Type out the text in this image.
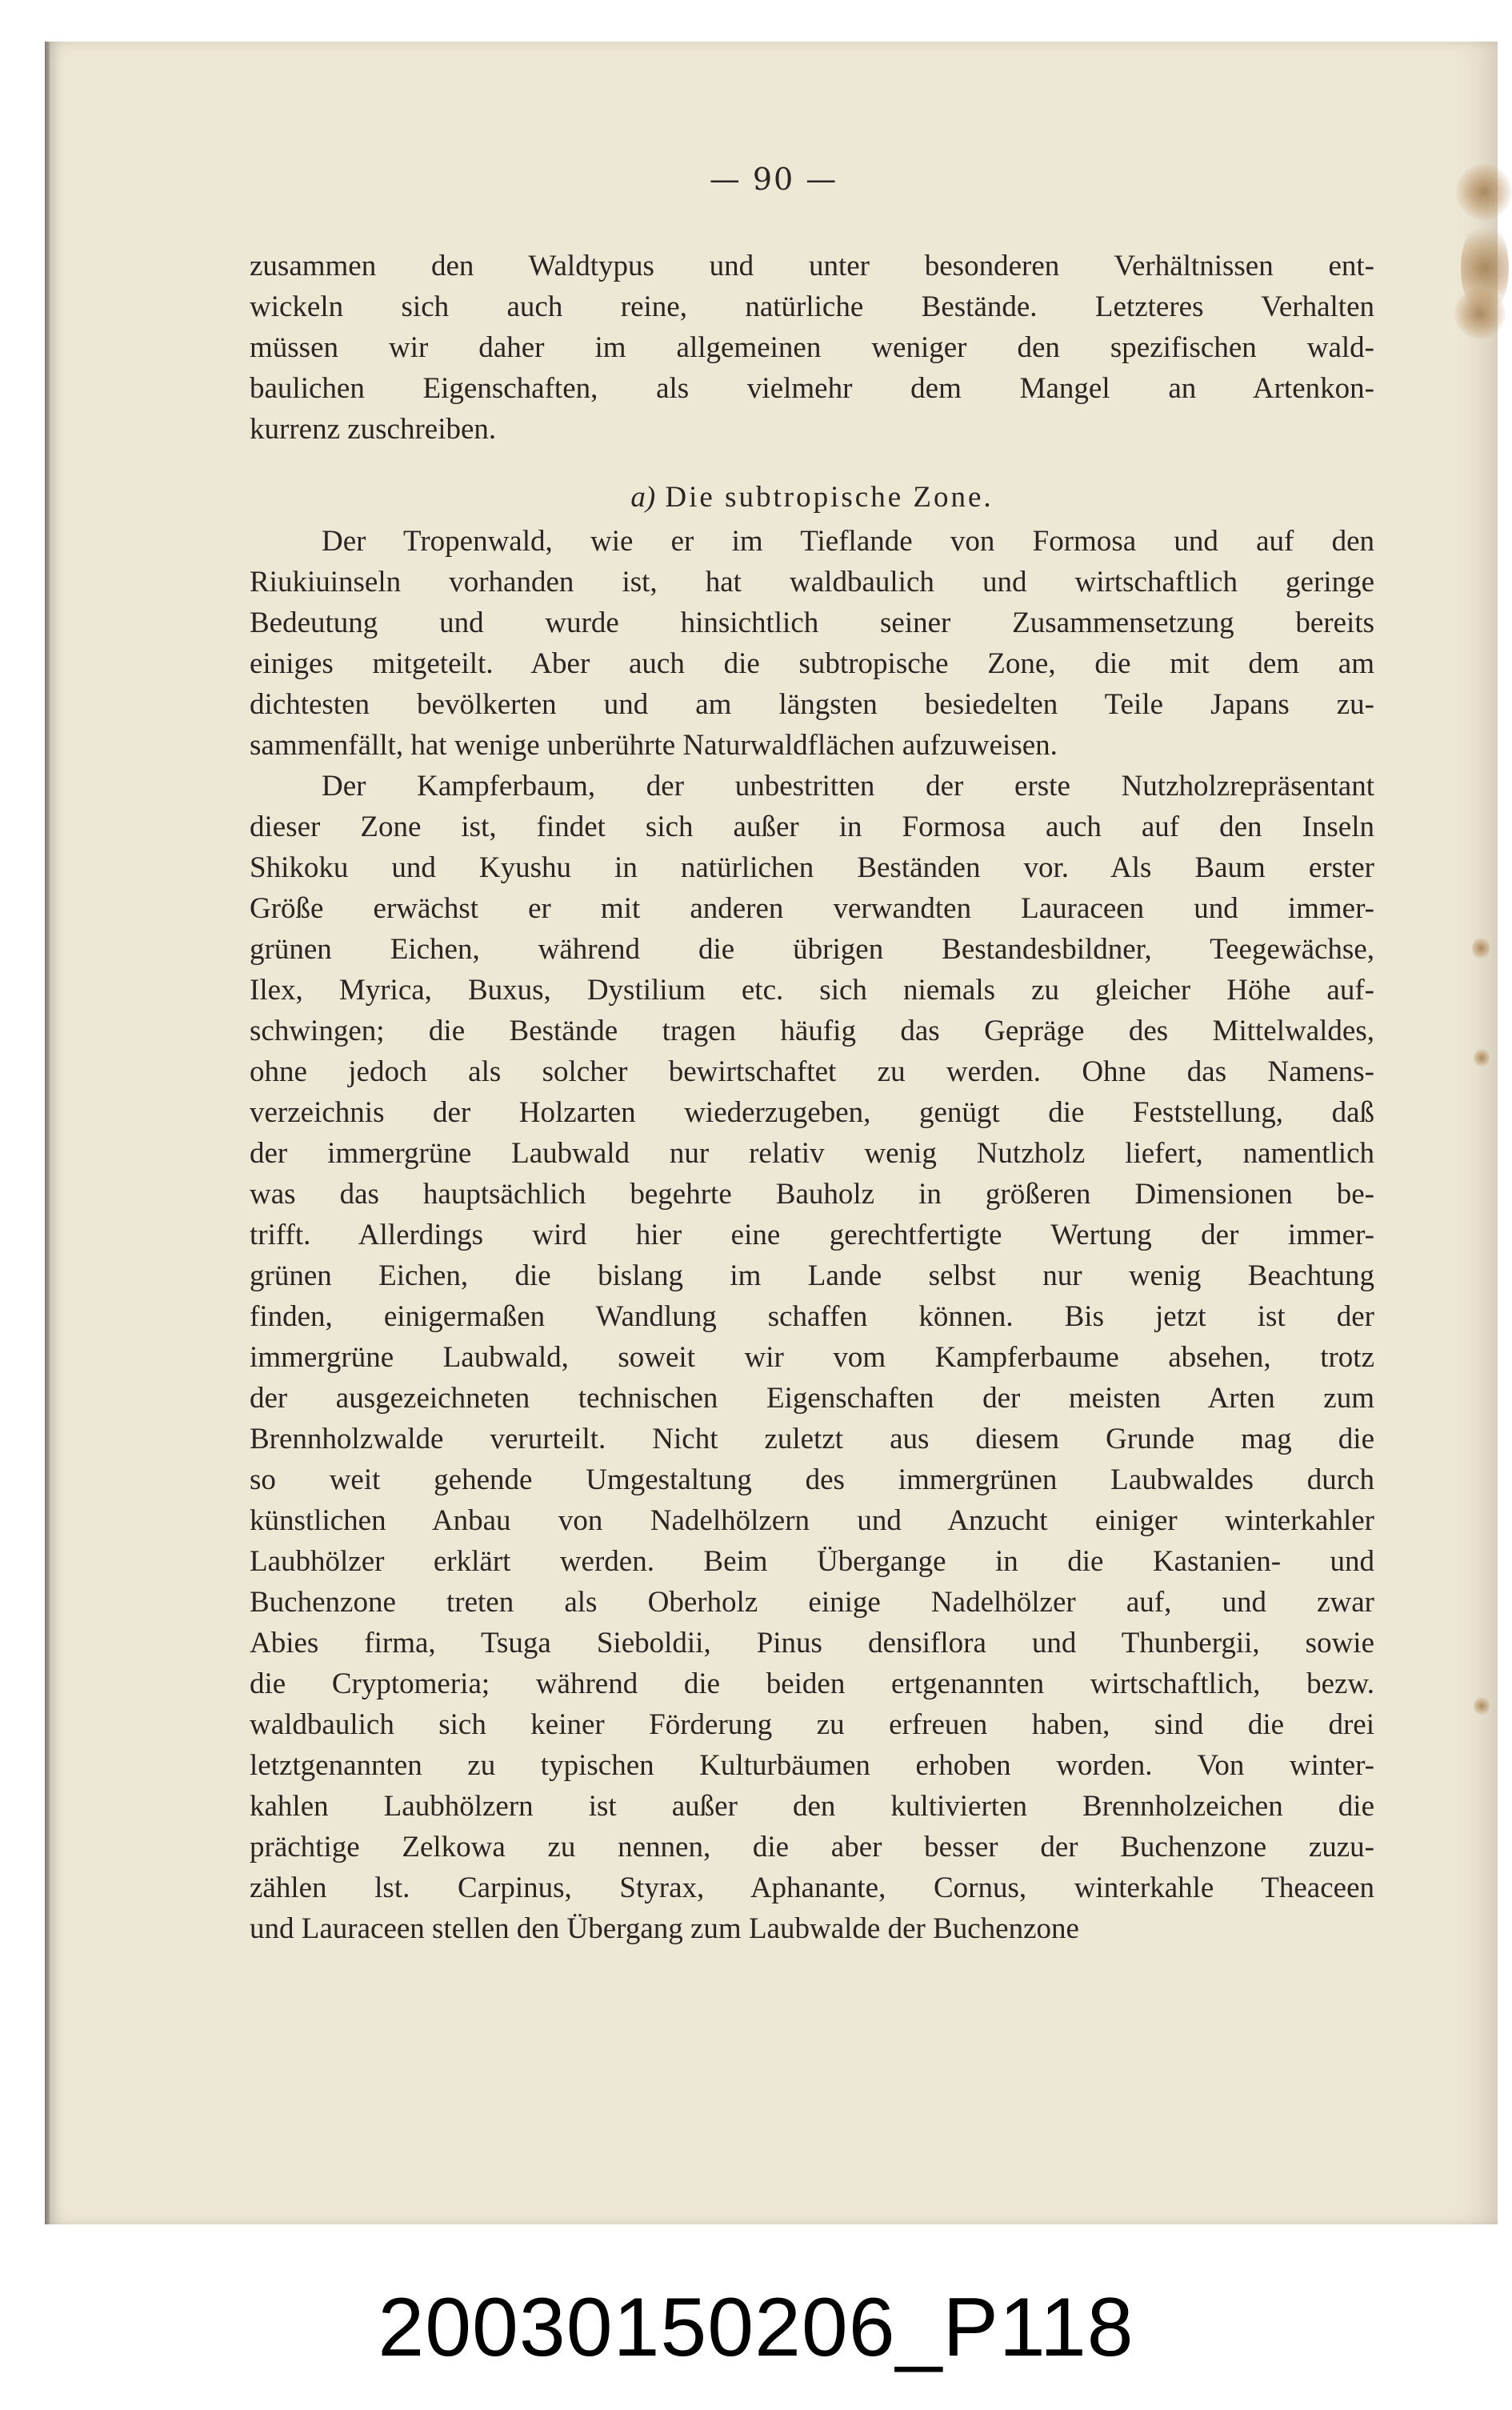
— 90 —
zusammen den Waldtypus und unter besonderen Verhältnissen ent-
wickeln sich auch reine, natürliche Bestände. Letzteres Verhalten
müssen wir daher im allgemeinen weniger den spezifischen wald-
baulichen Eigenschaften, als vielmehr dem Mangel an Artenkon-
kurrenz zuschreiben.
a) Die subtropische Zone.
Der Tropenwald, wie er im Tieflande von Formosa und auf den
Riukiuinseln vorhanden ist, hat waldbaulich und wirtschaftlich geringe
Bedeutung und wurde hinsichtlich seiner Zusammensetzung bereits
einiges mitgeteilt. Aber auch die subtropische Zone, die mit dem am
dichtesten bevölkerten und am längsten besiedelten Teile Japans zu-
sammenfällt, hat wenige unberührte Naturwaldflächen aufzuweisen.
Der Kampferbaum, der unbestritten der erste Nutzholzrepräsentant
dieser Zone ist, findet sich außer in Formosa auch auf den Inseln
Shikoku und Kyushu in natürlichen Beständen vor. Als Baum erster
Größe erwächst er mit anderen verwandten Lauraceen und immer-
grünen Eichen, während die übrigen Bestandesbildner, Teegewächse,
Ilex, Myrica, Buxus, Dystilium etc. sich niemals zu gleicher Höhe auf-
schwingen; die Bestände tragen häufig das Gepräge des Mittelwaldes,
ohne jedoch als solcher bewirtschaftet zu werden. Ohne das Namens-
verzeichnis der Holzarten wiederzugeben, genügt die Feststellung, daß
der immergrüne Laubwald nur relativ wenig Nutzholz liefert, namentlich
was das hauptsächlich begehrte Bauholz in größeren Dimensionen be-
trifft. Allerdings wird hier eine gerechtfertigte Wertung der immer-
grünen Eichen, die bislang im Lande selbst nur wenig Beachtung
finden, einigermaßen Wandlung schaffen können. Bis jetzt ist der
immergrüne Laubwald, soweit wir vom Kampferbaume absehen, trotz
der ausgezeichneten technischen Eigenschaften der meisten Arten zum
Brennholzwalde verurteilt. Nicht zuletzt aus diesem Grunde mag die
so weit gehende Umgestaltung des immergrünen Laubwaldes durch
künstlichen Anbau von Nadelhölzern und Anzucht einiger winterkahler
Laubhölzer erklärt werden. Beim Übergange in die Kastanien- und
Buchenzone treten als Oberholz einige Nadelhölzer auf, und zwar
Abies firma, Tsuga Sieboldii, Pinus densiflora und Thunbergii, sowie
die Cryptomeria; während die beiden ertgenannten wirtschaftlich, bezw.
waldbaulich sich keiner Förderung zu erfreuen haben, sind die drei
letztgenannten zu typischen Kulturbäumen erhoben worden. Von winter-
kahlen Laubhölzern ist außer den kultivierten Brennholzeichen die
prächtige Zelkowa zu nennen, die aber besser der Buchenzone zuzu-
zählen lst. Carpinus, Styrax, Aphanante, Cornus, winterkahle Theaceen
und Lauraceen stellen den Übergang zum Laubwalde der Buchenzone
20030150206_P118
